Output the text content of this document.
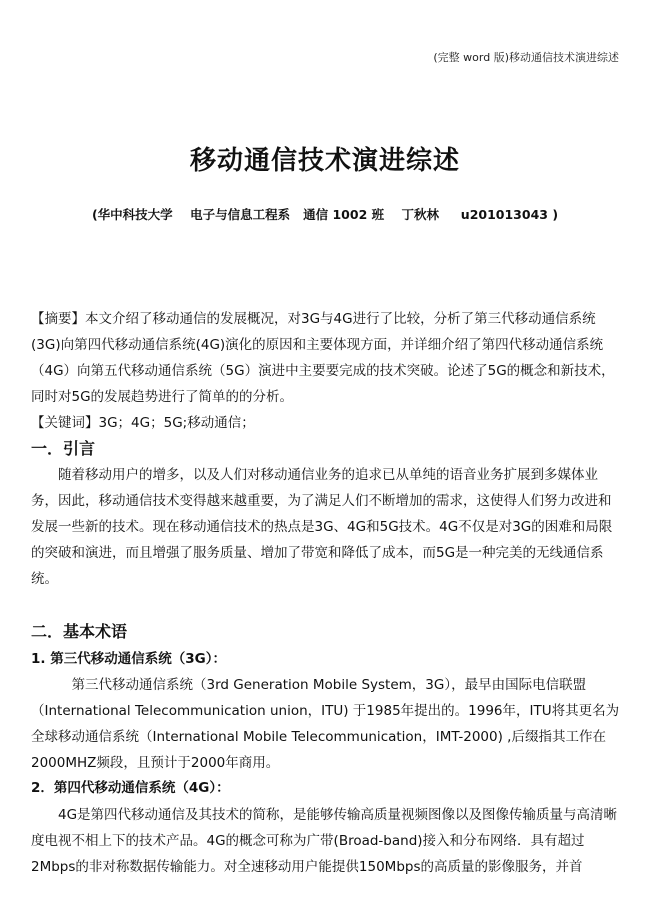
(完整 word 版)移动通信技术演进综述
移动通信技术演进综述
(华中科技大学    电子与信息工程系   通信 1002 班    丁秋林     u201013043 )

【摘要】本文介绍了移动通信的发展概况，对3G与4G进行了比较，分析了第三代移动通信系统(3G)向第四代移动通信系统(4G)演化的原因和主要体现方面，并详细介绍了第四代移动通信系统（4G）向第五代移动通信系统（5G）演进中主要要完成的技术突破。论述了5G的概念和新技术，同时对5G的发展趋势进行了简单的的分析。

【关键词】3G；4G；5G;移动通信；
一．引言

随着移动用户的增多，以及人们对移动通信业务的追求已从单纯的语音业务扩展到多媒体业务，因此，移动通信技术变得越来越重要，为了满足人们不断增加的需求，这使得人们努力改进和发展一些新的技术。现在移动通信技术的热点是3G、4G和5G技术。4G不仅是对3G的困难和局限的突破和演进，而且增强了服务质量、增加了带宽和降低了成本，而5G是一种完美的无线通信系统。

二．基本术语
1. 第三代移动通信系统（3G）：

第三代移动通信系统（3rd Generation Mobile System，3G），最早由国际电信联盟（International Telecommunication union，ITU) 于1985年提出的。1996年，ITU将其更名为全球移动通信系统（International Mobile Telecommunication，IMT-2000) ,后缀指其工作在2000MHZ频段，且预计于2000年商用。

2．第四代移动通信系统（4G）：

4G是第四代移动通信及其技术的简称，是能够传输高质量视频图像以及图像传输质量与高清晰度电视不相上下的技术产品。4G的概念可称为广带(Broad-band)接入和分布网络．具有超过2Mbps的非对称数据传输能力。对全速移动用户能提供150Mbps的高质量的影像服务，并首
